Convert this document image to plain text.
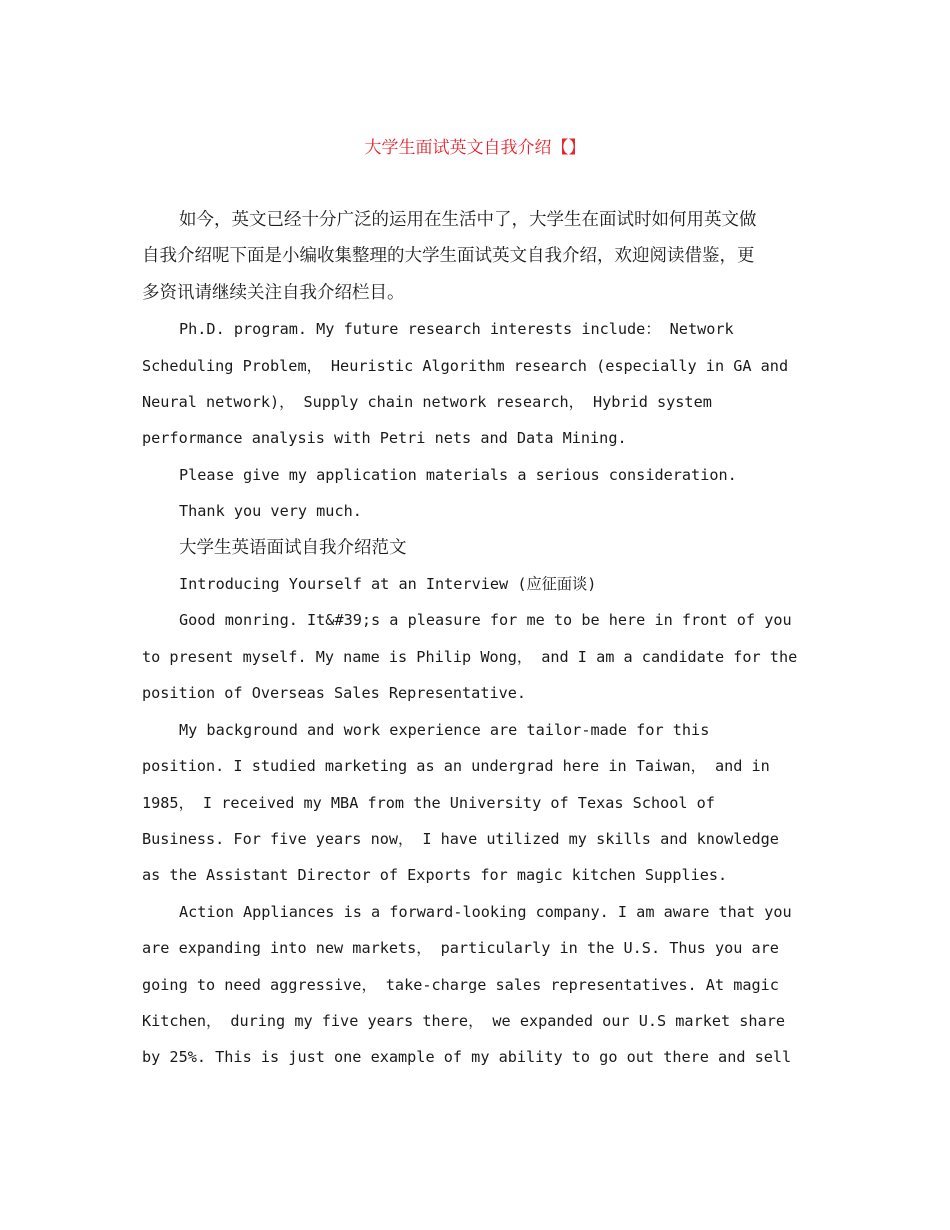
大学生面试英文自我介绍【】

如今，英文已经十分广泛的运用在生活中了，大学生在面试时如何用英文做
自我介绍呢下面是小编收集整理的大学生面试英文自我介绍，欢迎阅读借鉴，更
多资讯请继续关注自我介绍栏目。

Ph.D. program. My future research interests include： Network
Scheduling Problem， Heuristic Algorithm research (especially in GA and
Neural network)， Supply chain network research， Hybrid system
performance analysis with Petri nets and Data Mining.

Please give my application materials a serious consideration.

Thank you very much.

大学生英语面试自我介绍范文

Introducing Yourself at an Interview (应征面谈)

Good monring. It&#39;s a pleasure for me to be here in front of you
to present myself. My name is Philip Wong， and I am a candidate for the
position of Overseas Sales Representative.

My background and work experience are tailor-made for this
position. I studied marketing as an undergrad here in Taiwan， and in
1985， I received my MBA from the University of Texas School of
Business. For five years now， I have utilized my skills and knowledge
as the Assistant Director of Exports for magic kitchen Supplies.

Action Appliances is a forward-looking company. I am aware that you
are expanding into new markets， particularly in the U.S. Thus you are
going to need aggressive， take-charge sales representatives. At magic
Kitchen， during my five years there， we expanded our U.S market share
by 25%. This is just one example of my ability to go out there and sell
